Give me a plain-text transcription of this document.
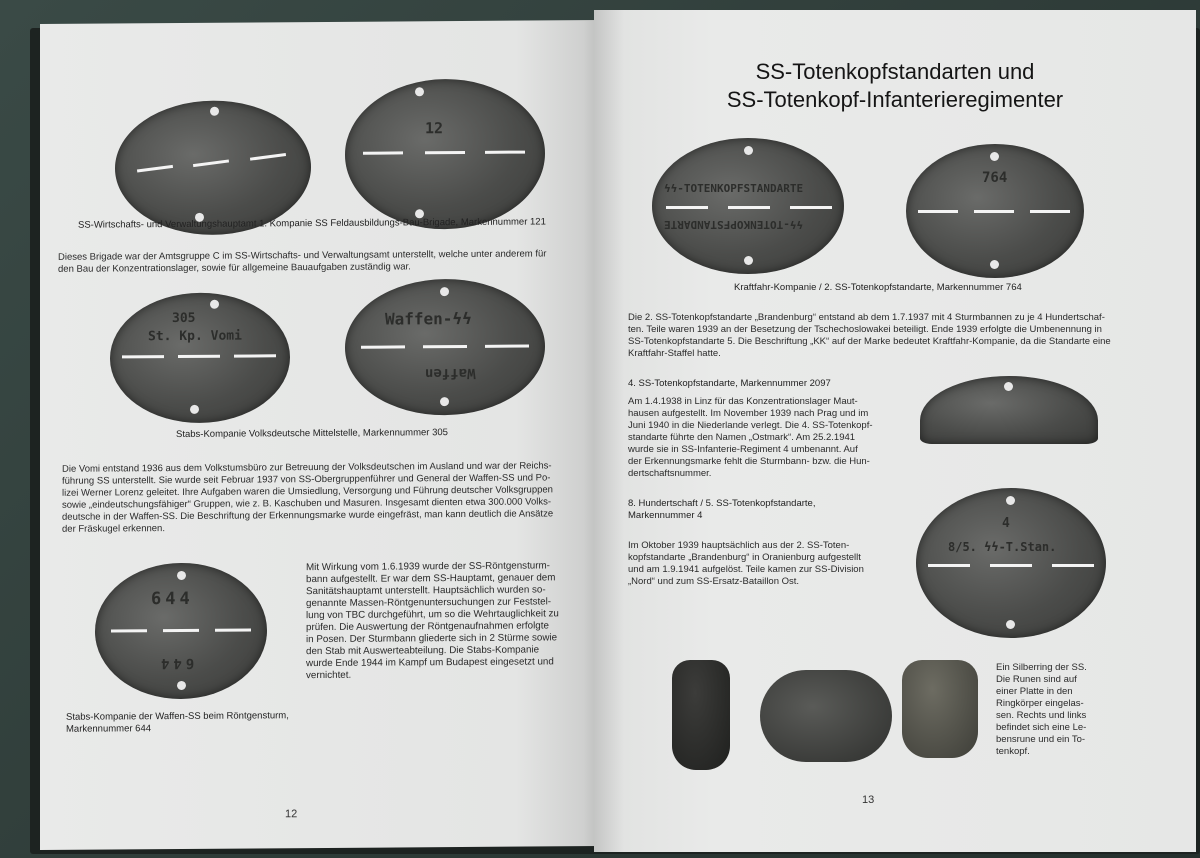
12
SS-Wirtschafts- und Verwaltungshauptamt 1. Kompanie SS Feldausbildungs-Bau-Brigade, Markennummer 121
Dieses Brigade war der Amtsgruppe C im SS-Wirtschafts- und Verwaltungsamt unterstellt, welche unter anderem für
den Bau der Konzentrationslager, sowie für allgemeine Bauaufgaben zuständig war.
305
St. Kp. Vomi
Waffen-ϟϟ
Waffen
Stabs-Kompanie Volksdeutsche Mittelstelle, Markennummer 305
Die Vomi entstand 1936 aus dem Volkstumsbüro zur Betreuung der Volksdeutschen im Ausland und war der Reichs-
führung SS unterstellt. Sie wurde seit Februar 1937 von SS-Obergruppenführer und General der Waffen-SS und Po-
lizei Werner Lorenz geleitet. Ihre Aufgaben waren die Umsiedlung, Versorgung und Führung deutscher Volksgruppen
sowie „eindeutschungsfähiger“ Gruppen, wie z. B. Kaschuben und Masuren. Insgesamt dienten etwa 300.000 Volks-
deutsche in der Waffen-SS. Die Beschriftung der Erkennungsmarke wurde eingefräst, man kann deutlich die Ansätze
der Fräskugel erkennen.
644
644
Mit Wirkung vom 1.6.1939 wurde der SS-Röntgensturm-
bann aufgestellt. Er war dem SS-Hauptamt, genauer dem
Sanitätshauptamt unterstellt. Hauptsächlich wurden so-
genannte Massen-Röntgenuntersuchungen zur Feststel-
lung von TBC durchgeführt, um so die Wehrtauglichkeit zu
prüfen. Die Auswertung der Röntgenaufnahmen erfolgte
in Posen. Der Sturmbann gliederte sich in 2 Stürme sowie
den Stab mit Auswerteabteilung. Die Stabs-Kompanie
wurde Ende 1944 im Kampf um Budapest eingesetzt und
vernichtet.
Stabs-Kompanie der Waffen-SS beim Röntgensturm,
Markennummer 644
12
SS-Totenkopfstandarten und
SS-Totenkopf-Infanterieregimenter
ϟϟ-TOTENKOPFSTANDARTE
ϟϟ-TOTENKOPFSTANDARTE
764
Kraftfahr-Kompanie / 2. SS-Totenkopfstandarte, Markennummer 764
Die 2. SS-Totenkopfstandarte „Brandenburg“ entstand ab dem 1.7.1937 mit 4 Sturmbannen zu je 4 Hundertschaf-
ten. Teile waren 1939 an der Besetzung der Tschechoslowakei beteiligt. Ende 1939 erfolgte die Umbenennung in
SS-Totenkopfstandarte 5. Die Beschriftung „KK“ auf der Marke bedeutet Kraftfahr-Kompanie, da die Standarte eine
Kraftfahr-Staffel hatte.
4. SS-Totenkopfstandarte, Markennummer 2097
Am 1.4.1938 in Linz für das Konzentrationslager Maut-
hausen aufgestellt. Im November 1939 nach Prag und im
Juni 1940 in die Niederlande verlegt. Die 4. SS-Totenkopf-
standarte führte den Namen „Ostmark“. Am 25.2.1941
wurde sie in SS-Infanterie-Regiment 4 umbenannt. Auf
der Erkennungsmarke fehlt die Sturmbann- bzw. die Hun-
dertschaftsnummer.
8. Hundertschaft / 5. SS-Totenkopfstandarte,
Markennummer 4
Im Oktober 1939 hauptsächlich aus der 2. SS-Toten-
kopfstandarte „Brandenburg“ in Oranienburg aufgestellt
und am 1.9.1941 aufgelöst. Teile kamen zur SS-Division
„Nord“ und zum SS-Ersatz-Bataillon Ost.
4
8/5. ϟϟ-T.Stan.
Ein Silberring der SS.
Die Runen sind auf
einer Platte in den
Ringkörper eingelas-
sen. Rechts und links
befindet sich eine Le-
bensrune und ein To-
tenkopf.
13
